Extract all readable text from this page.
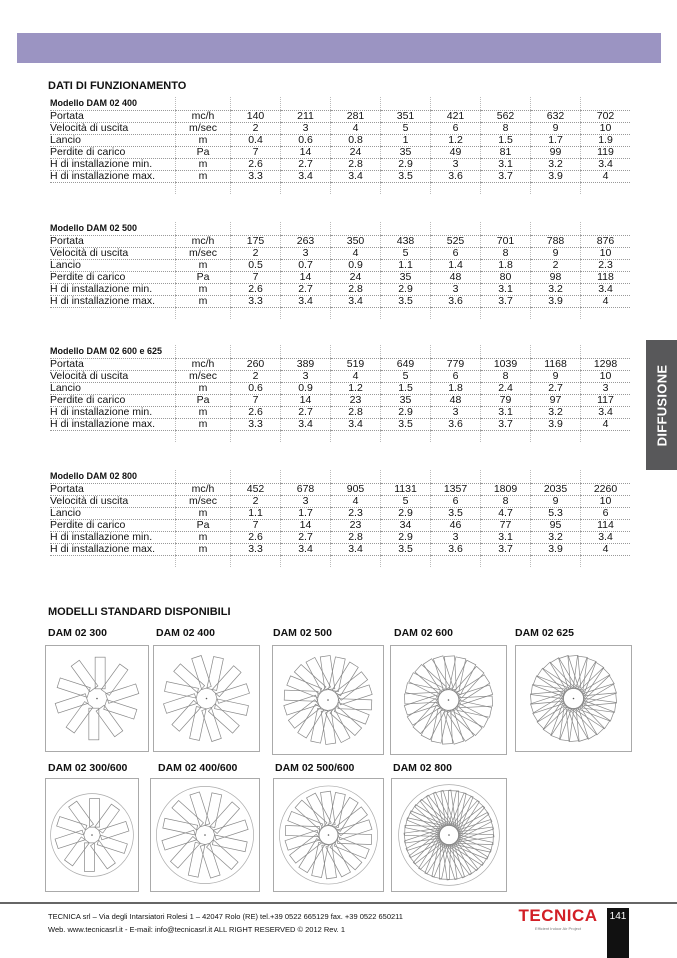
DIFFUSIONE
DATI DI FUNZIONAMENTO
Modello DAM 02 400									
Portata	mc/h	140	211	281	351	421	562	632	702
Velocità di uscita	m/sec	2	3	4	5	6	8	9	10
Lancio	m	0.4	0.6	0.8	1	1.2	1.5	1.7	1.9
Perdite di carico	Pa	7	14	24	35	49	81	99	119
H di installazione min.	m	2.6	2.7	2.8	2.9	3	3.1	3.2	3.4
H di installazione max.	m	3.3	3.4	3.4	3.5	3.6	3.7	3.9	4

Modello DAM 02 500									
Portata	mc/h	175	263	350	438	525	701	788	876
Velocità di uscita	m/sec	2	3	4	5	6	8	9	10
Lancio	m	0.5	0.7	0.9	1.1	1.4	1.8	2	2.3
Perdite di carico	Pa	7	14	24	35	48	80	98	118
H di installazione min.	m	2.6	2.7	2.8	2.9	3	3.1	3.2	3.4
H di installazione max.	m	3.3	3.4	3.4	3.5	3.6	3.7	3.9	4

Modello DAM 02 600 e 625									
Portata	mc/h	260	389	519	649	779	1039	1168	1298
Velocità di uscita	m/sec	2	3	4	5	6	8	9	10
Lancio	m	0.6	0.9	1.2	1.5	1.8	2.4	2.7	3
Perdite di carico	Pa	7	14	23	35	48	79	97	117
H di installazione min.	m	2.6	2.7	2.8	2.9	3	3.1	3.2	3.4
H di installazione max.	m	3.3	3.4	3.4	3.5	3.6	3.7	3.9	4

Modello DAM 02 800									
Portata	mc/h	452	678	905	1131	1357	1809	2035	2260
Velocità di uscita	m/sec	2	3	4	5	6	8	9	10
Lancio	m	1.1	1.7	2.3	2.9	3.5	4.7	5.3	6
Perdite di carico	Pa	7	14	23	34	46	77	95	114
H di installazione min.	m	2.6	2.7	2.8	2.9	3	3.1	3.2	3.4
H di installazione max.	m	3.3	3.4	3.4	3.5	3.6	3.7	3.9	4

MODELLI STANDARD DISPONIBILI
DAM 02 300	DAM 02 400	DAM 02 500	DAM 02 600	DAM 02 625
DAM 02 300/600	DAM 02 400/600	DAM 02 500/600	DAM 02 800
TECNICA srl – Via degli Intarsiatori Rolesi 1 – 42047 Rolo (RE) tel.+39 0522 665129 fax. +39 0522 650211
Web. www.tecnicasrl.it - E-mail: info@tecnicasrl.it ALL RIGHT RESERVED © 2012 Rev. 1
TECNICA
Efficient Indoor Air Project
141
